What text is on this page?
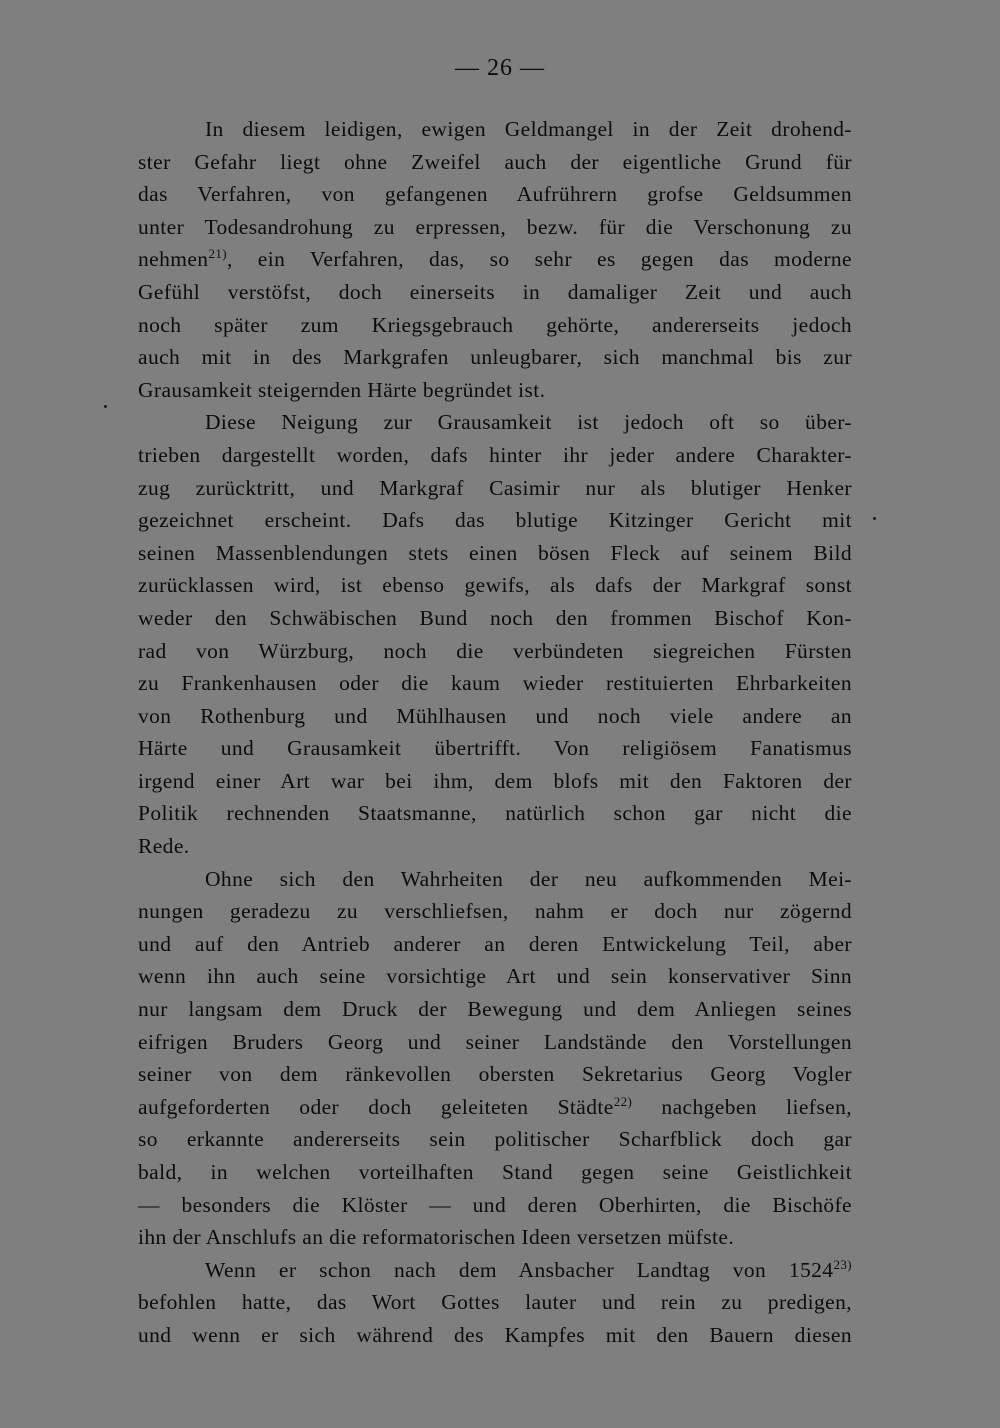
— 26 —
In diesem leidigen, ewigen Geldmangel in der Zeit drohend-
ster Gefahr liegt ohne Zweifel auch der eigentliche Grund für
das Verfahren, von gefangenen Aufrührern grofse Geldsummen
unter Todesandrohung zu erpressen, bezw. für die Verschonung zu
nehmen$^{21)}$, ein Verfahren, das, so sehr es gegen das moderne
Gefühl verstöfst, doch einerseits in damaliger Zeit und auch
noch später zum Kriegsgebrauch gehörte, andererseits jedoch
auch mit in des Markgrafen unleugbarer, sich manchmal bis zur
Grausamkeit steigernden Härte begründet ist.
Diese Neigung zur Grausamkeit ist jedoch oft so über-
trieben dargestellt worden, dafs hinter ihr jeder andere Charakter-
zug zurücktritt, und Markgraf Casimir nur als blutiger Henker
gezeichnet erscheint. Dafs das blutige Kitzinger Gericht mit
seinen Massenblendungen stets einen bösen Fleck auf seinem Bild
zurücklassen wird, ist ebenso gewifs, als dafs der Markgraf sonst
weder den Schwäbischen Bund noch den frommen Bischof Kon-
rad von Würzburg, noch die verbündeten siegreichen Fürsten
zu Frankenhausen oder die kaum wieder restituierten Ehrbarkeiten
von Rothenburg und Mühlhausen und noch viele andere an
Härte und Grausamkeit übertrifft. Von religiösem Fanatismus
irgend einer Art war bei ihm, dem blofs mit den Faktoren der
Politik rechnenden Staatsmanne, natürlich schon gar nicht die
Rede.
Ohne sich den Wahrheiten der neu aufkommenden Mei-
nungen geradezu zu verschliefsen, nahm er doch nur zögernd
und auf den Antrieb anderer an deren Entwickelung Teil, aber
wenn ihn auch seine vorsichtige Art und sein konservativer Sinn
nur langsam dem Druck der Bewegung und dem Anliegen seines
eifrigen Bruders Georg und seiner Landstände den Vorstellungen
seiner von dem ränkevollen obersten Sekretarius Georg Vogler
aufgeforderten oder doch geleiteten Städte$^{22)}$ nachgeben liefsen,
so erkannte andererseits sein politischer Scharfblick doch gar
bald, in welchen vorteilhaften Stand gegen seine Geistlichkeit
— besonders die Klöster — und deren Oberhirten, die Bischöfe
ihn der Anschlufs an die reformatorischen Ideen versetzen müfste.
Wenn er schon nach dem Ansbacher Landtag von 1524$^{23)}$
befohlen hatte, das Wort Gottes lauter und rein zu predigen,
und wenn er sich während des Kampfes mit den Bauern diesen
